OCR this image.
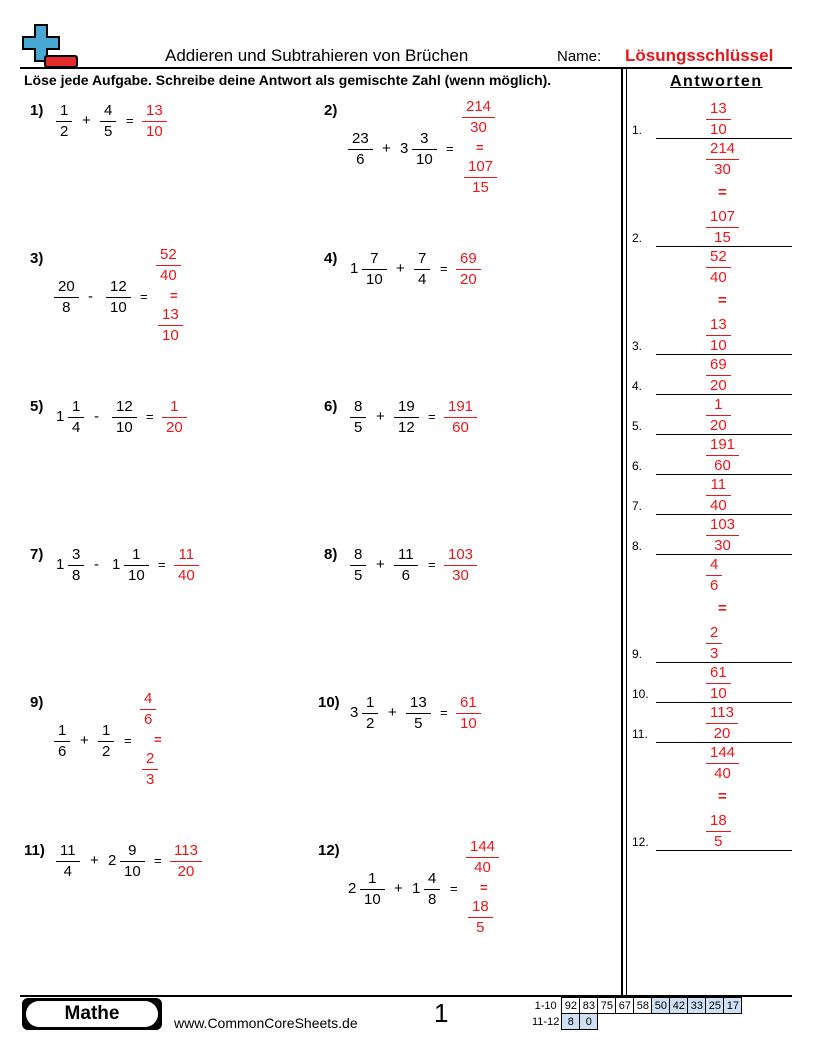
Addieren und Subtrahieren von Brüchen	Name: Lösungsschlüssel
Löse jede Aufgabe. Schreibe deine Antwort als gemischte Zahl (wenn möglich).	Antworten
1) 1
2
+
4
5
=
13
10
2)
23
6
+ 3
3
10
=
214
30
=
107
15
3)
20
8
-
12
10
=
52
40
=
13
10
4)
1
7
10
+
7
4
=
69
20
5)
1
1
4
-
12
10
=
1
20
6) 8
5
+
19
12
=
191
60
7)
1
3
8
- 1
1
10
=
11
40
8) 8
5
+
11
6
=
103
30
9)
1
6
+
1
2
=
4
6
=
2
3
10)
3
1
2
+
13
5
=
61
10
11) 11
4
+ 2
9
10
=
113
20
12)
2
1
10
+ 1
4
8
=
144
40
=
18
5
13
10
1.
214
30
=
107
15
2.
52
40
=
13
10
3.
69
20
4.
1
20
5.
191
60
6.
11
40
7.
103
30
8.
4
6
=
2
3
9.
61
10
10.
113
20
11.
144
40
=
18
5
12.
Mathe	www.CommonCoreSheets.de	1	1-10	92	83	75	67	58	50	42	33	25	17
11-12	8	0								
